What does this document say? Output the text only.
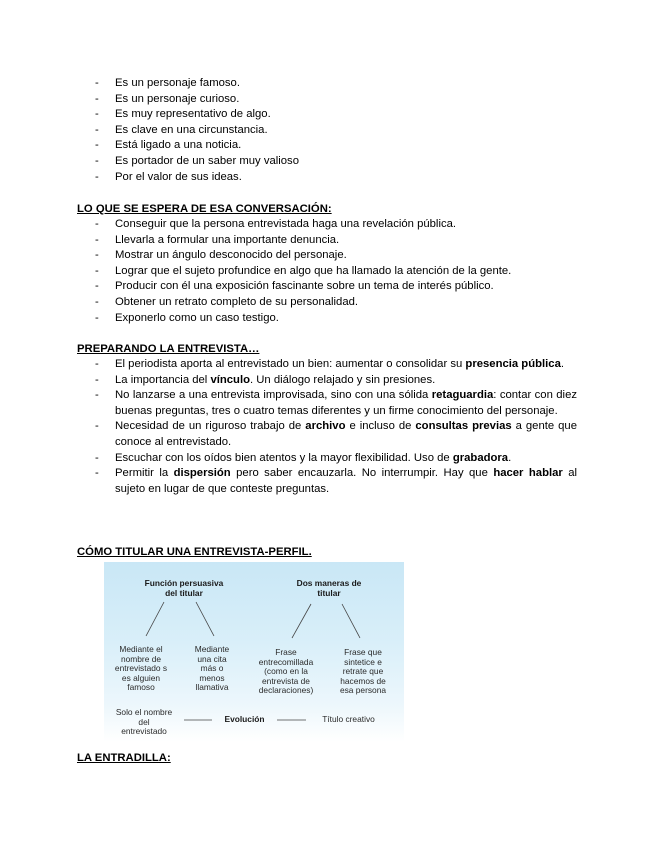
- Es un personaje famoso.
- Es un personaje curioso.
- Es muy representativo de algo.
- Es clave en una circunstancia.
- Está ligado a una noticia.
- Es portador de un saber muy valioso
- Por el valor de sus ideas.
LO QUE SE ESPERA DE ESA CONVERSACIÓN:
- Conseguir que la persona entrevistada haga una revelación pública.
- Llevarla a formular una importante denuncia.
- Mostrar un ángulo desconocido del personaje.
- Lograr que el sujeto profundice en algo que ha llamado la atención de la gente.
- Producir con él una exposición fascinante sobre un tema de interés público.
- Obtener un retrato completo de su personalidad.
- Exponerlo como un caso testigo.
PREPARANDO LA ENTREVISTA…
- El periodista aporta al entrevistado un bien: aumentar o consolidar su presencia pública.
- La importancia del vínculo. Un diálogo relajado y sin presiones.
- No lanzarse a una entrevista improvisada, sino con una sólida retaguardia: contar con diez buenas preguntas, tres o cuatro temas diferentes y un firme conocimiento del personaje.
- Necesidad de un riguroso trabajo de archivo e incluso de consultas previas a gente que conoce al entrevistado.
- Escuchar con los oídos bien atentos y la mayor flexibilidad. Uso de grabadora.
- Permitir la dispersión pero saber encauzarla. No interrumpir. Hay que hacer hablar al sujeto en lugar de que conteste preguntas.
CÓMO TITULAR UNA ENTREVISTA-PERFIL.
Función persuasiva
del titular
Dos maneras de
titular
Mediante el
nombre de
entrevistado s
es alguien
famoso
Mediante
una cita
más o
menos
llamativa
Frase
entrecomillada
(como en la
entrevista de
declaraciones)
Frase que
sintetice e
retrate que
hacemos de
esa persona
Solo el nombre
del
entrevistado
Evolución	Título creativo
LA ENTRADILLA:
